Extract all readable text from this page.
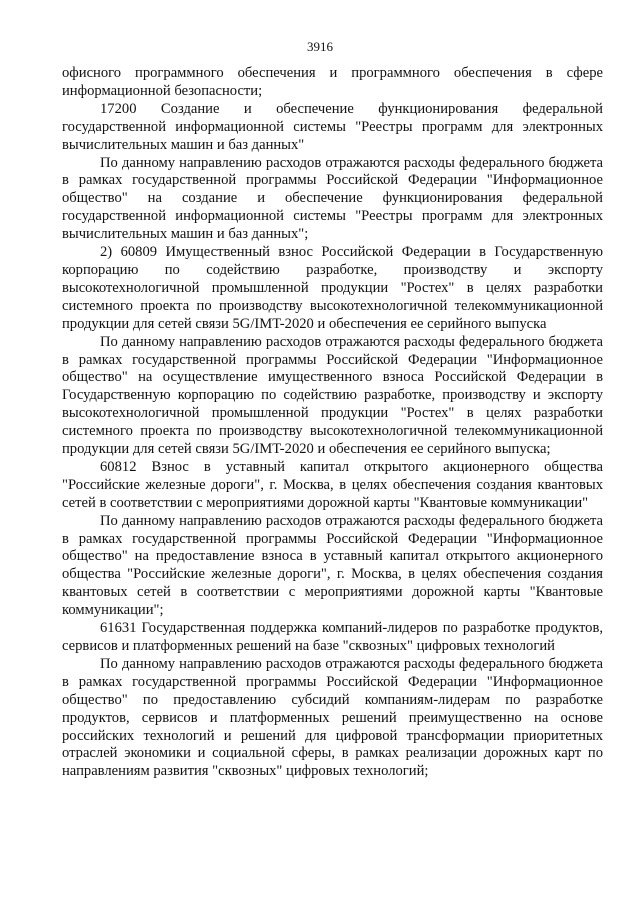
3916

офисного программного обеспечения и программного обеспечения в сфере информационной безопасности;

17200 Создание и обеспечение функционирования федеральной государственной информационной системы "Реестры программ для электронных вычислительных машин и баз данных"

По данному направлению расходов отражаются расходы федерального бюджета в рамках государственной программы Российской Федерации "Информационное общество" на создание и обеспечение функционирования федеральной государственной информационной системы "Реестры программ для электронных вычислительных машин и баз данных";

2) 60809 Имущественный взнос Российской Федерации в Государственную корпорацию по содействию разработке, производству и экспорту высокотехнологичной промышленной продукции "Ростех" в целях разработки системного проекта по производству высокотехнологичной телекоммуникационной продукции для сетей связи 5G/IMT-2020 и обеспечения ее серийного выпуска

По данному направлению расходов отражаются расходы федерального бюджета в рамках государственной программы Российской Федерации "Информационное общество" на осуществление имущественного взноса Российской Федерации в Государственную корпорацию по содействию разработке, производству и экспорту высокотехнологичной промышленной продукции "Ростех" в целях разработки системного проекта по производству высокотехнологичной телекоммуникационной продукции для сетей связи 5G/IMT-2020 и обеспечения ее серийного выпуска;

60812 Взнос в уставный капитал открытого акционерного общества "Российские железные дороги", г. Москва, в целях обеспечения создания квантовых сетей в соответствии с мероприятиями дорожной карты "Квантовые коммуникации"

По данному направлению расходов отражаются расходы федерального бюджета в рамках государственной программы Российской Федерации "Информационное общество" на предоставление взноса в уставный капитал открытого акционерного общества "Российские железные дороги", г. Москва, в целях обеспечения создания квантовых сетей в соответствии с мероприятиями дорожной карты "Квантовые коммуникации";

61631 Государственная поддержка компаний-лидеров по разработке продуктов, сервисов и платформенных решений на базе "сквозных" цифровых технологий

По данному направлению расходов отражаются расходы федерального бюджета в рамках государственной программы Российской Федерации "Информационное общество" по предоставлению субсидий компаниям-лидерам по разработке продуктов, сервисов и платформенных решений преимущественно на основе российских технологий и решений для цифровой трансформации приоритетных отраслей экономики и социальной сферы, в рамках реализации дорожных карт по направлениям развития "сквозных" цифровых технологий;
